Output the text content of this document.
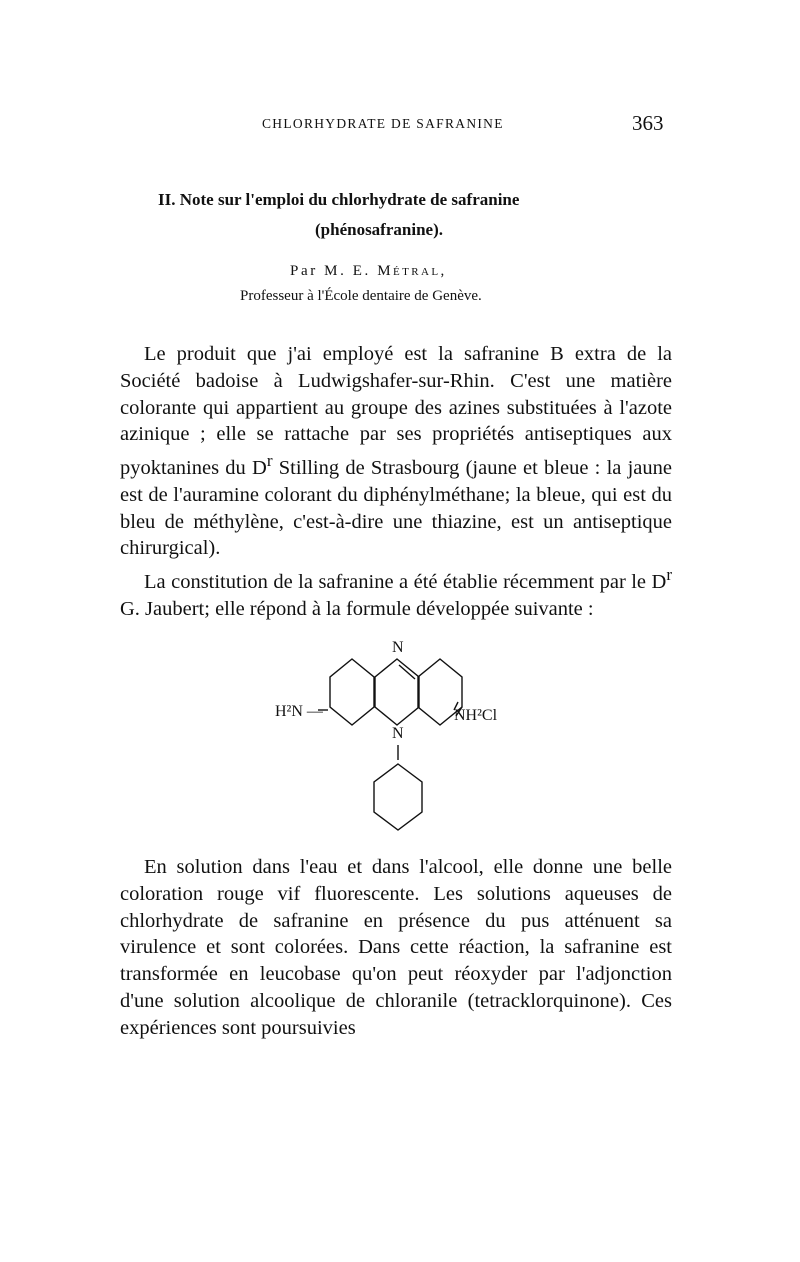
CHLORHYDRATE DE SAFRANINE	363
II. Note sur l'emploi du chlorhydrate de safranine
(phénosafranine).
Par M. E. Métral,
Professeur à l'École dentaire de Genève.

Le produit que j'ai employé est la safranine B extra de la Société badoise à Ludwigshafer-sur-Rhin. C'est une matière colorante qui appartient au groupe des azines substituées à l'azote azinique ; elle se rattache par ses propriétés antiseptiques aux pyoktanines du $D^r$ Stilling de Strasbourg (jaune et bleue : la jaune est de l'auramine colorant du diphénylméthane; la bleue, qui est du bleu de méthylène, c'est-à-dire une thiazine, est un antiseptique chirurgical).

La constitution de la safranine a été établie récemment par le $D^r$ G. Jaubert; elle répond à la formule développée suivante :

N
N
H²N —	NH²Cl

En solution dans l'eau et dans l'alcool, elle donne une belle coloration rouge vif fluorescente. Les solutions aqueuses de chlorhydrate de safranine en présence du pus atténuent sa virulence et sont colorées. Dans cette réaction, la safranine est transformée en leucobase qu'on peut réoxyder par l'adjonction d'une solution alcoolique de chloranile (tetracklorquinone). Ces expériences sont poursuivies
